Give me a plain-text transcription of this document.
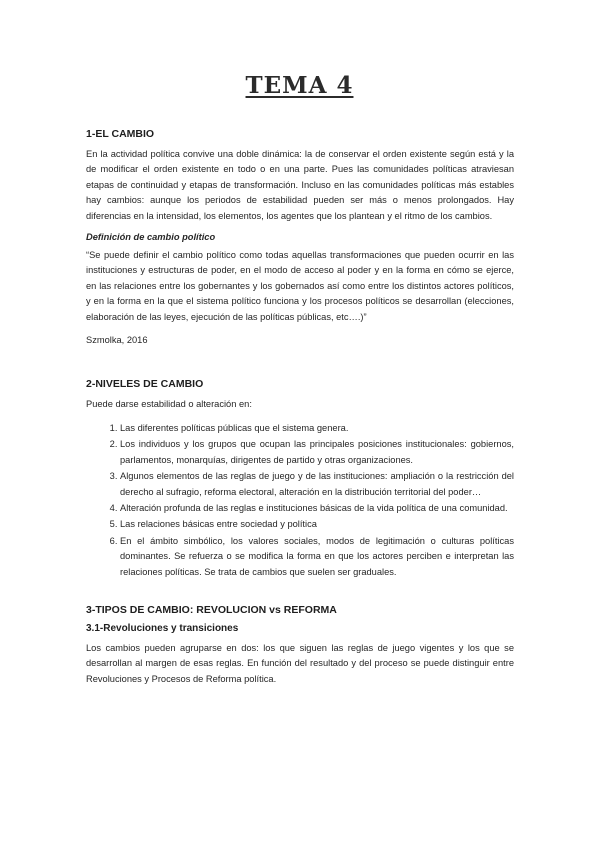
TEMA 4
1-EL CAMBIO

En la actividad política convive una doble dinámica: la de conservar el orden existente según está y la de modificar el orden existente en todo o en una parte. Pues las comunidades políticas atraviesan etapas de continuidad y etapas de transformación. Incluso en las comunidades políticas más estables hay cambios: aunque los periodos de estabilidad pueden ser más o menos prolongados. Hay diferencias en la intensidad, los elementos, los agentes que los plantean y el ritmo de los cambios.

Definición de cambio político

“Se puede definir el cambio político como todas aquellas transformaciones que pueden ocurrir en las instituciones y estructuras de poder, en el modo de acceso al poder y en la forma en cómo se ejerce, en las relaciones entre los gobernantes y los gobernados así como entre los distintos actores políticos, y en la forma en la que el sistema político funciona y los procesos políticos se desarrollan (elecciones, elaboración de las leyes, ejecución de las políticas públicas, etc….)”

Szmolka, 2016

2-NIVELES DE CAMBIO

Puede darse estabilidad o alteración en:

1. Las diferentes políticas públicas que el sistema genera.
2. Los individuos y los grupos que ocupan las principales posiciones institucionales: gobiernos, parlamentos, monarquías, dirigentes de partido y otras organizaciones.
3. Algunos elementos de las reglas de juego y de las instituciones: ampliación o la restricción del derecho al sufragio, reforma electoral, alteración en la distribución territorial del poder…
4. Alteración profunda de las reglas e instituciones básicas de la vida política de una comunidad.
5. Las relaciones básicas entre sociedad y política
6. En el ámbito simbólico, los valores sociales, modos de legitimación o culturas políticas dominantes. Se refuerza o se modifica la forma en que los actores perciben e interpretan las relaciones políticas. Se trata de cambios que suelen ser graduales.
3-TIPOS DE CAMBIO: REVOLUCION vs REFORMA
3.1-Revoluciones y transiciones

Los cambios pueden agruparse en dos: los que siguen las reglas de juego vigentes y los que se desarrollan al margen de esas reglas. En función del resultado y del proceso se puede distinguir entre Revoluciones y Procesos de Reforma política.
